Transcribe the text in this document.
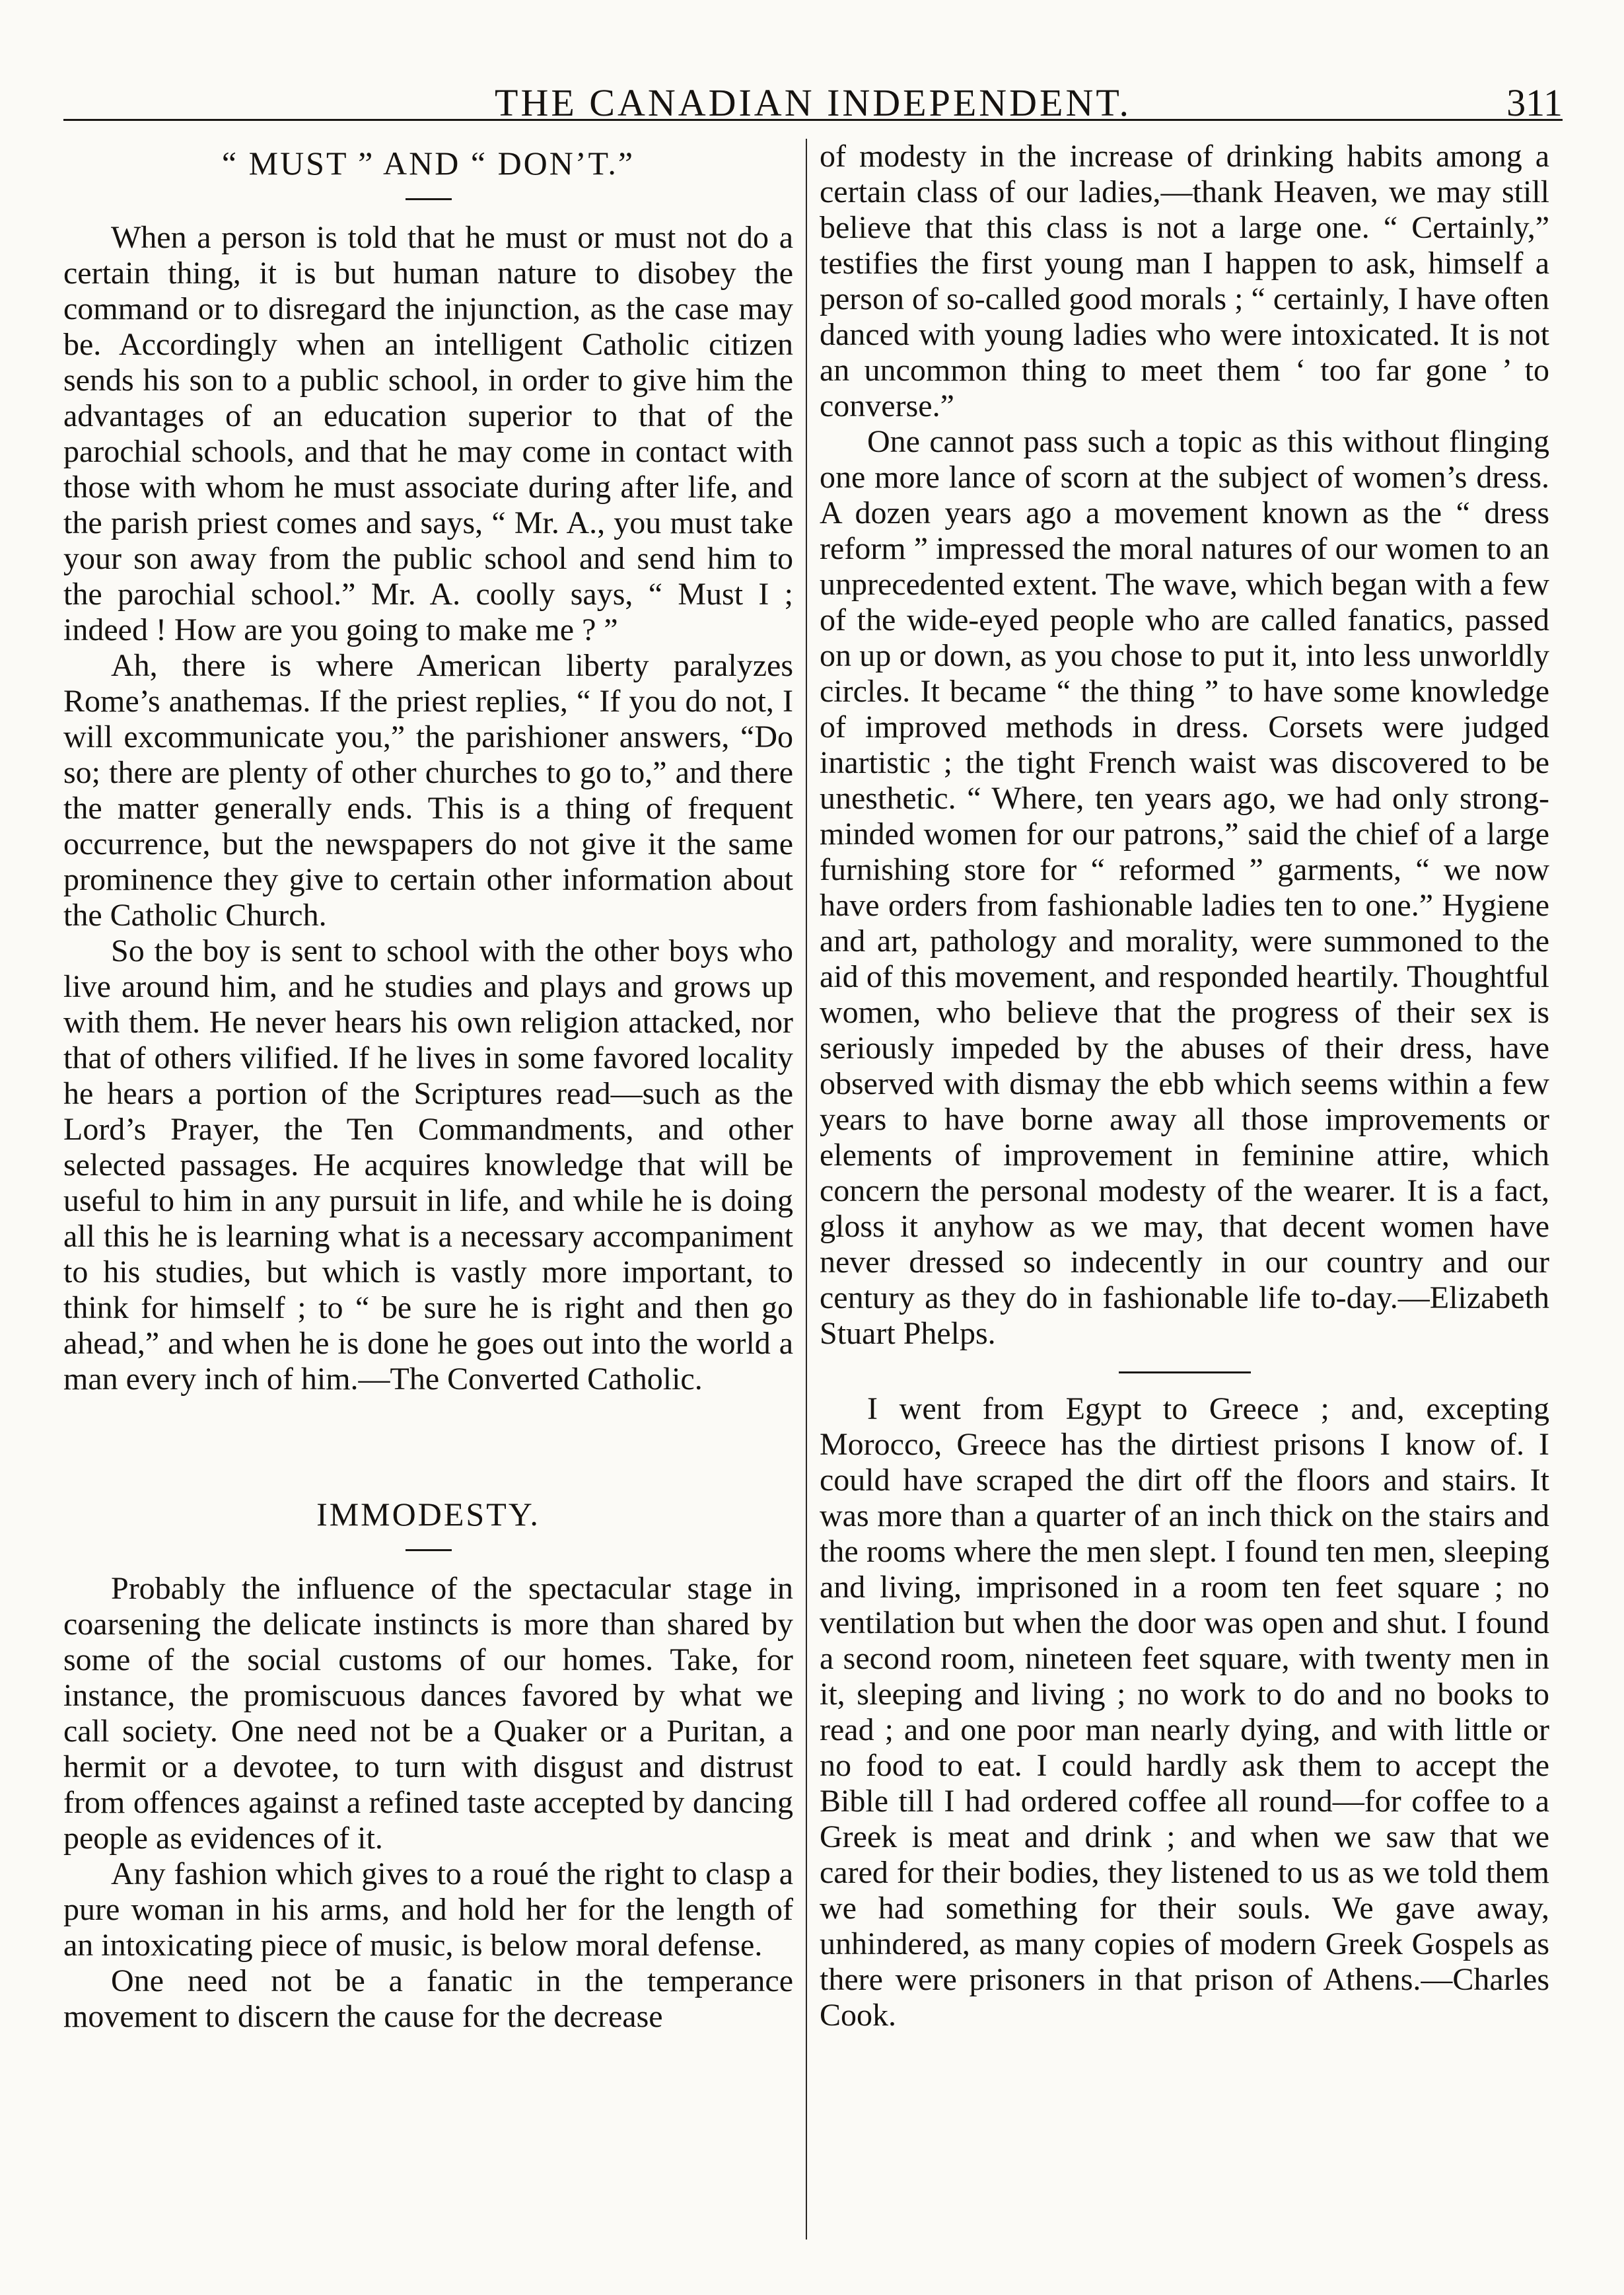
THE CANADIAN INDEPENDENT.	311
“ MUST ” AND “ DON’T.”

When a person is told that he must or must not do a certain thing, it is but human nature to disobey the command or to disregard the injunction, as the case may be. Accordingly when an intelligent Catholic citizen sends his son to a public school, in order to give him the advantages of an education superior to that of the parochial schools, and that he may come in contact with those with whom he must associate during after life, and the parish priest comes and says, “ Mr. A., you must take your son away from the public school and send him to the parochial school.” Mr. A. coolly says, “ Must I ; indeed ! How are you going to make me ? ”

Ah, there is where American liberty paralyzes Rome’s anathemas. If the priest replies, “ If you do not, I will excommunicate you,” the parishioner answers, “Do so; there are plenty of other churches to go to,” and there the matter generally ends. This is a thing of frequent occurrence, but the newspapers do not give it the same prominence they give to certain other information about the Catholic Church.

So the boy is sent to school with the other boys who live around him, and he studies and plays and grows up with them. He never hears his own religion attacked, nor that of others vilified. If he lives in some favored locality he hears a portion of the Scriptures read—such as the Lord’s Prayer, the Ten Commandments, and other selected passages. He acquires knowledge that will be useful to him in any pursuit in life, and while he is doing all this he is learning what is a necessary accompaniment to his studies, but which is vastly more important, to think for himself ; to “ be sure he is right and then go ahead,” and when he is done he goes out into the world a man every inch of him.—The Converted Catholic.

IMMODESTY.

Probably the influence of the spectacular stage in coarsening the delicate instincts is more than shared by some of the social customs of our homes. Take, for instance, the promiscuous dances favored by what we call society. One need not be a Quaker or a Puritan, a hermit or a devotee, to turn with disgust and distrust from offences against a refined taste accepted by dancing people as evidences of it.

Any fashion which gives to a roué the right to clasp a pure woman in his arms, and hold her for the length of an intoxicating piece of music, is below moral defense.

One need not be a fanatic in the temperance movement to discern the cause for the decrease

of modesty in the increase of drinking habits among a certain class of our ladies,—thank Heaven, we may still believe that this class is not a large one. “ Certainly,” testifies the first young man I happen to ask, himself a person of so-called good morals ; “ certainly, I have often danced with young ladies who were intoxicated. It is not an uncommon thing to meet them ‘ too far gone ’ to converse.”

One cannot pass such a topic as this without flinging one more lance of scorn at the subject of women’s dress. A dozen years ago a movement known as the “ dress reform ” impressed the moral natures of our women to an unprecedented extent. The wave, which began with a few of the wide-eyed people who are called fanatics, passed on up or down, as you chose to put it, into less unworldly circles. It became “ the thing ” to have some knowledge of improved methods in dress. Corsets were judged inartistic ; the tight French waist was discovered to be unesthetic. “ Where, ten years ago, we had only strong-minded women for our patrons,” said the chief of a large furnishing store for “ reformed ” garments, “ we now have orders from fashionable ladies ten to one.” Hygiene and art, pathology and morality, were summoned to the aid of this movement, and responded heartily. Thoughtful women, who believe that the progress of their sex is seriously impeded by the abuses of their dress, have observed with dismay the ebb which seems within a few years to have borne away all those improvements or elements of improvement in feminine attire, which concern the personal modesty of the wearer. It is a fact, gloss it anyhow as we may, that decent women have never dressed so indecently in our country and our century as they do in fashionable life to-day.—Elizabeth Stuart Phelps.

I went from Egypt to Greece ; and, excepting Morocco, Greece has the dirtiest prisons I know of. I could have scraped the dirt off the floors and stairs. It was more than a quarter of an inch thick on the stairs and the rooms where the men slept. I found ten men, sleeping and living, imprisoned in a room ten feet square ; no ventilation but when the door was open and shut. I found a second room, nineteen feet square, with twenty men in it, sleeping and living ; no work to do and no books to read ; and one poor man nearly dying, and with little or no food to eat. I could hardly ask them to accept the Bible till I had ordered coffee all round—for coffee to a Greek is meat and drink ; and when we saw that we cared for their bodies, they listened to us as we told them we had something for their souls. We gave away, unhindered, as many copies of modern Greek Gospels as there were prisoners in that prison of Athens.—Charles Cook.
